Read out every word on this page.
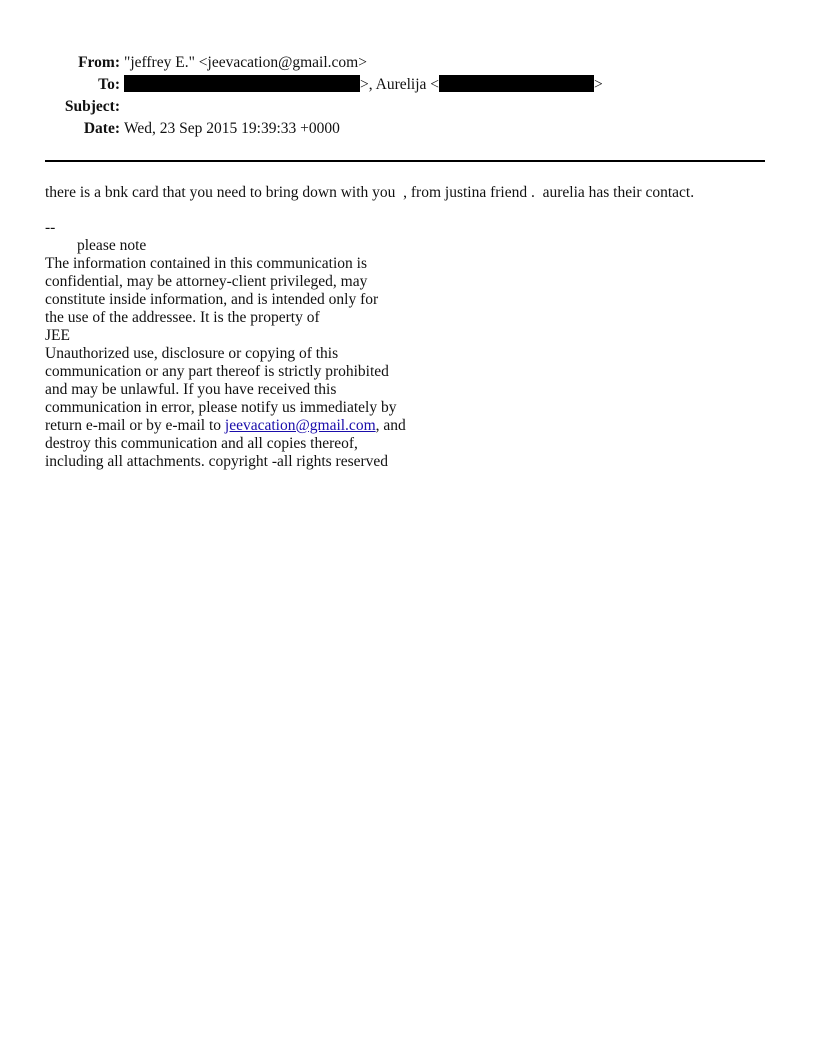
From: "jeffrey E." <jeevacation@gmail.com>
To:	>, Aurelija <	>
Subject:
Date: Wed, 23 Sep 2015 19:39:33 +0000
there is a bnk card that you need to bring down with you  , from justina friend .  aurelia has their contact.
--
please note
The information contained in this communication is
confidential, may be attorney-client privileged, may
constitute inside information, and is intended only for
the use of the addressee. It is the property of
JEE
Unauthorized use, disclosure or copying of this
communication or any part thereof is strictly prohibited
and may be unlawful. If you have received this
communication in error, please notify us immediately by
return e-mail or by e-mail to jeevacation@gmail.com, and
destroy this communication and all copies thereof,
including all attachments. copyright -all rights reserved
